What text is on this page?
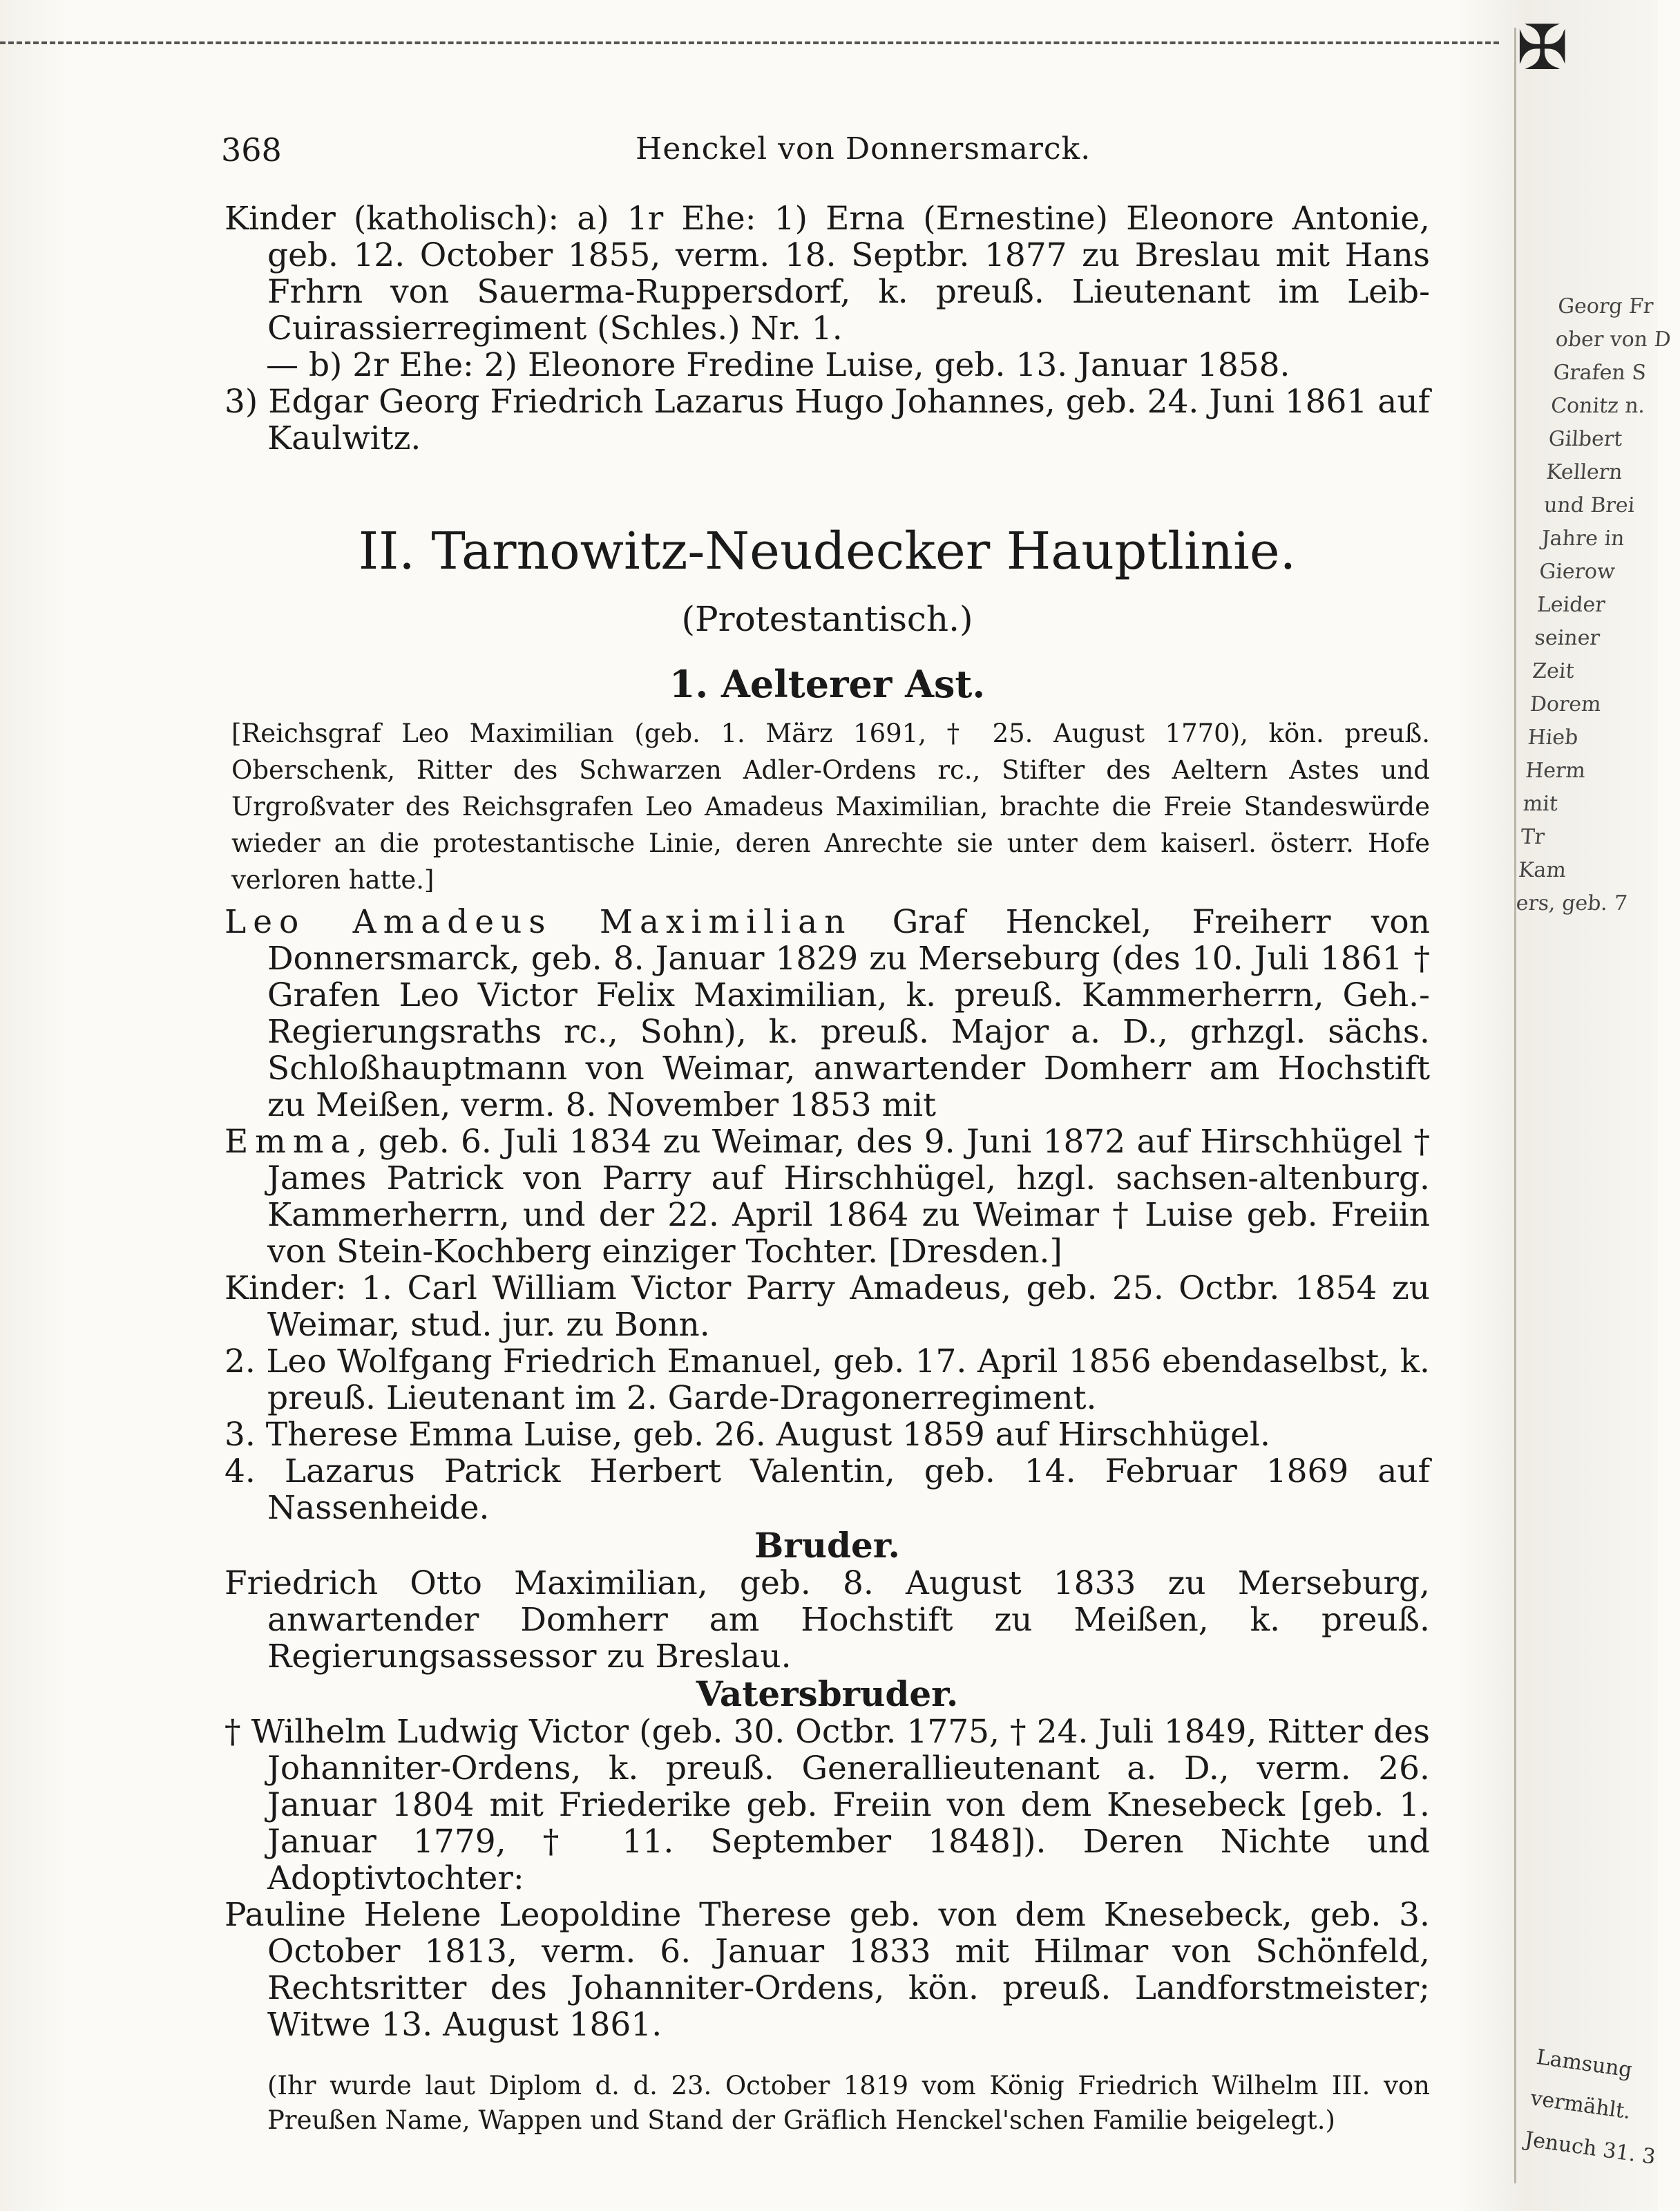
✠
368	Henckel von Donnersmarck.

Kinder (katholisch): a) 1r Ehe: 1) Erna (Ernestine) Eleonore Antonie, geb. 12. October 1855, verm. 18. Septbr. 1877 zu Breslau mit Hans Frhrn von Sauerma-Ruppersdorf, k. preuß. Lieutenant im Leib-Cuirassierregiment (Schles.) Nr. 1.

— b) 2r Ehe: 2) Eleonore Fredine Luise, geb. 13. Januar 1858.

3) Edgar Georg Friedrich Lazarus Hugo Johannes, geb. 24. Juni 1861 auf Kaulwitz.

II. Tarnowitz-Neudecker Hauptlinie. (Protestantisch.)
1. Aelterer Ast.

[Reichsgraf Leo Maximilian (geb. 1. März 1691, † 25. August 1770), kön. preuß. Oberschenk, Ritter des Schwarzen Adler-Ordens rc., Stifter des Aeltern Astes und Urgroßvater des Reichsgrafen Leo Amadeus Maximilian, brachte die Freie Standeswürde wieder an die protestantische Linie, deren Anrechte sie unter dem kaiserl. österr. Hofe verloren hatte.]

Leo Amadeus Maximilian Graf Henckel, Freiherr von Donnersmarck, geb. 8. Januar 1829 zu Merseburg (des 10. Juli 1861 † Grafen Leo Victor Felix Maximilian, k. preuß. Kammerherrn, Geh.-Regierungsraths rc., Sohn), k. preuß. Major a. D., grhzgl. sächs. Schloßhauptmann von Weimar, anwartender Domherr am Hochstift zu Meißen, verm. 8. November 1853 mit

Emma, geb. 6. Juli 1834 zu Weimar, des 9. Juni 1872 auf Hirschhügel † James Patrick von Parry auf Hirschhügel, hzgl. sachsen-altenburg. Kammerherrn, und der 22. April 1864 zu Weimar † Luise geb. Freiin von Stein-Kochberg einziger Tochter. [Dresden.]

Kinder: 1. Carl William Victor Parry Amadeus, geb. 25. Octbr. 1854 zu Weimar, stud. jur. zu Bonn.

2. Leo Wolfgang Friedrich Emanuel, geb. 17. April 1856 ebendaselbst, k. preuß. Lieutenant im 2. Garde-Dragonerregiment.

3. Therese Emma Luise, geb. 26. August 1859 auf Hirschhügel.

4. Lazarus Patrick Herbert Valentin, geb. 14. Februar 1869 auf Nassenheide.

Bruder.

Friedrich Otto Maximilian, geb. 8. August 1833 zu Merseburg, anwartender Domherr am Hochstift zu Meißen, k. preuß. Regierungsassessor zu Breslau.

Vatersbruder.

† Wilhelm Ludwig Victor (geb. 30. Octbr. 1775, † 24. Juli 1849, Ritter des Johanniter-Ordens, k. preuß. Generallieutenant a. D., verm. 26. Januar 1804 mit Friederike geb. Freiin von dem Knesebeck [geb. 1. Januar 1779, † 11. September 1848]). Deren Nichte und Adoptivtochter:

Pauline Helene Leopoldine Therese geb. von dem Knesebeck, geb. 3. October 1813, verm. 6. Januar 1833 mit Hilmar von Schönfeld, Rechtsritter des Johanniter-Ordens, kön. preuß. Landforstmeister; Witwe 13. August 1861.

(Ihr wurde laut Diplom d. d. 23. October 1819 vom König Friedrich Wilhelm III. von Preußen Name, Wappen und Stand der Gräflich Henckel'schen Familie beigelegt.)

Georg Fr
ober von D
Grafen S
Conitz n.
Gilbert
Kellern
und Brei
Jahre in
Gierow
Leider
seiner
Zeit
Dorem
Hieb
Herm
mit
Tr
Kam
ers, geb. 7
Lamsung
vermählt.
Jenuch 31. 3
